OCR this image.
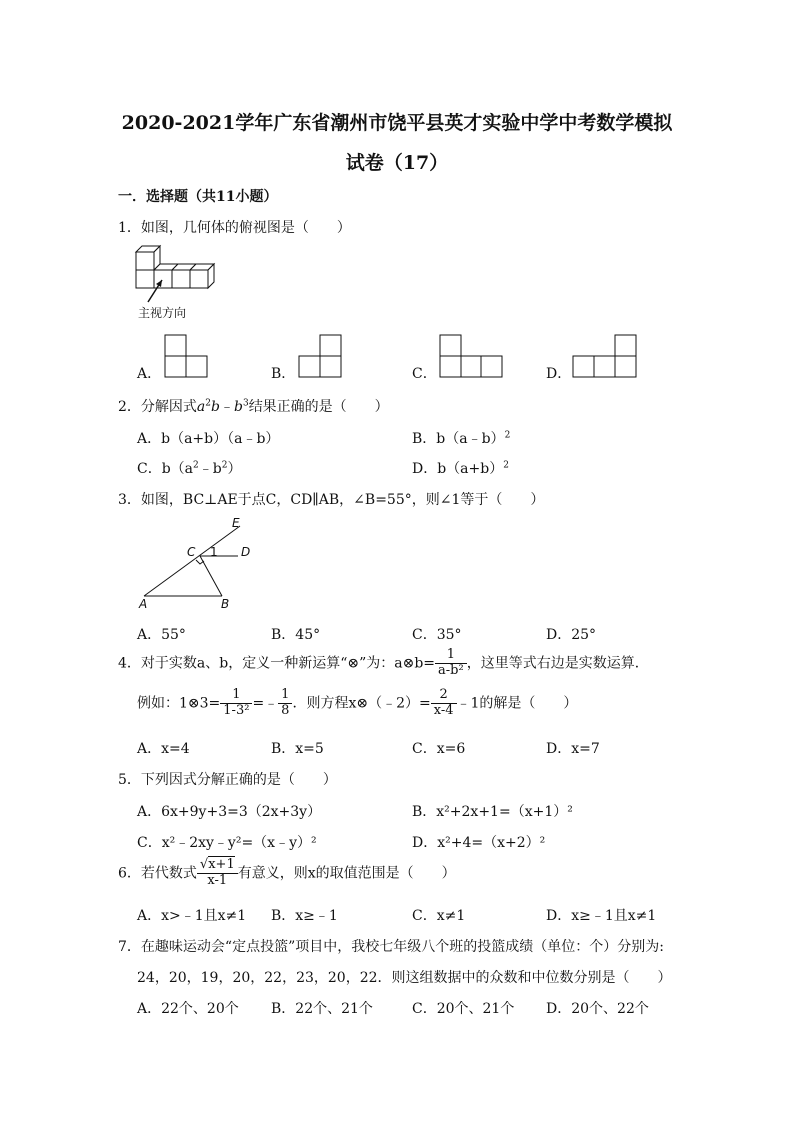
2020-2021学年广东省潮州市饶平县英才实验中学中考数学模拟
试卷（17）
一．选择题（共11小题）
1．如图，几何体的俯视图是（　　）
主视方向
A．	B．	C．	D．
2．分解因式$a^2b﹣b^3$结果正确的是（　　）
A．b（a+b）（a﹣b）	B．b（a﹣b）$^2$
C．$b(a^2﹣b^2)$	D．$b(a+b)^2$
3．如图，BC⊥AE于点C，CD∥AB，∠B=55°，则∠1等于（　　）
E
C 1 D
A	B
A．55°	B．45°	C．35°	D．25°
4．对于实数a、b，定义一种新运算“⊗”为：a⊗b= $\frac{1}{\text{a-b²}}$ ，这里等式右边是实数运算．
例如：1⊗3= $\frac{1}{\text{1-3²}}$ =﹣ $\frac{1}{8}$ ．则方程x⊗（﹣2）= $\frac{2}{x-4}$ ﹣1的解是（　　）
A．x=4	B．x=5	C．x=6	D．x=7
5．下列因式分解正确的是（　　）
A．6x+9y+3=3（2x+3y）	B．x²+2x+1=（x+1）²
C．x²﹣2xy﹣y²=（x﹣y）²	D．x²+4=（x+2）²
6．若代数式 $\frac{√x+1}{x-1}$ 有意义，则x的取值范围是（　　）
A．x>﹣1且x≠1 B．x≥﹣1	C．x≠1	D．x≥﹣1且x≠1
7．在趣味运动会“定点投篮”项目中，我校七年级八个班的投篮成绩（单位：个）分别为:
24，20，19，20，22，23，20，22．则这组数据中的众数和中位数分别是（　　）
A．22个、20个 B．22个、21个	C．20个、21个 D．20个、22个
